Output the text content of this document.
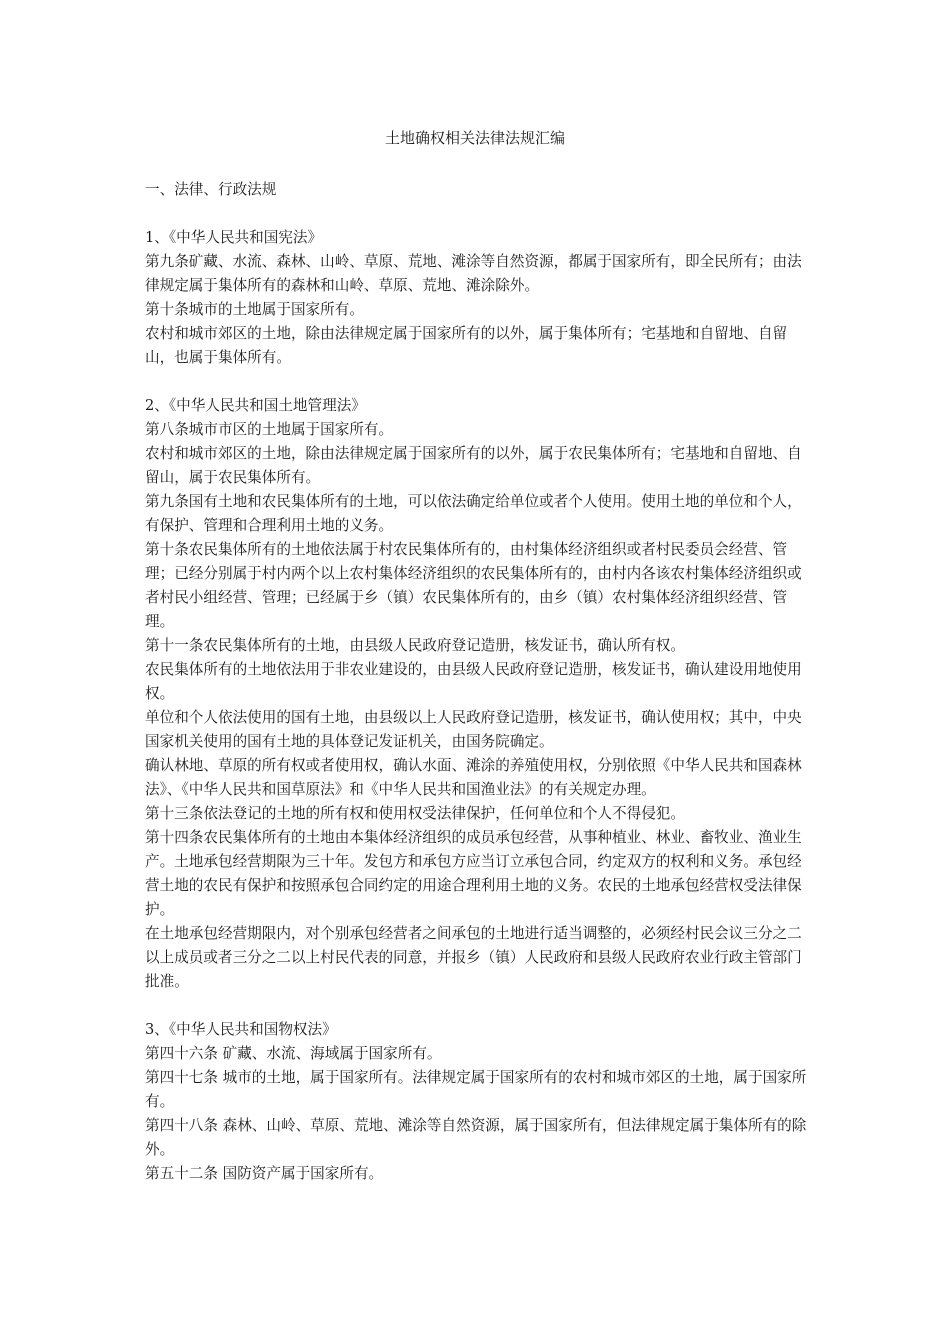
土地确权相关法律法规汇编

一、法律、行政法规

1、《中华人民共和国宪法》

第九条矿藏、水流、森林、山岭、草原、荒地、滩涂等自然资源，都属于国家所有，即全民所有；由法律规定属于集体所有的森林和山岭、草原、荒地、滩涂除外。

第十条城市的土地属于国家所有。

农村和城市郊区的土地，除由法律规定属于国家所有的以外，属于集体所有；宅基地和自留地、自留山，也属于集体所有。

2、《中华人民共和国土地管理法》

第八条城市市区的土地属于国家所有。

农村和城市郊区的土地，除由法律规定属于国家所有的以外，属于农民集体所有；宅基地和自留地、自留山，属于农民集体所有。

第九条国有土地和农民集体所有的土地，可以依法确定给单位或者个人使用。使用土地的单位和个人，有保护、管理和合理利用土地的义务。

第十条农民集体所有的土地依法属于村农民集体所有的，由村集体经济组织或者村民委员会经营、管理；已经分别属于村内两个以上农村集体经济组织的农民集体所有的，由村内各该农村集体经济组织或者村民小组经营、管理；已经属于乡（镇）农民集体所有的，由乡（镇）农村集体经济组织经营、管理。

第十一条农民集体所有的土地，由县级人民政府登记造册，核发证书，确认所有权。

农民集体所有的土地依法用于非农业建设的，由县级人民政府登记造册，核发证书，确认建设用地使用权。

单位和个人依法使用的国有土地，由县级以上人民政府登记造册，核发证书，确认使用权；其中，中央国家机关使用的国有土地的具体登记发证机关，由国务院确定。

确认林地、草原的所有权或者使用权，确认水面、滩涂的养殖使用权，分别依照《中华人民共和国森林法》、《中华人民共和国草原法》和《中华人民共和国渔业法》的有关规定办理。

第十三条依法登记的土地的所有权和使用权受法律保护，任何单位和个人不得侵犯。

第十四条农民集体所有的土地由本集体经济组织的成员承包经营，从事种植业、林业、畜牧业、渔业生产。土地承包经营期限为三十年。发包方和承包方应当订立承包合同，约定双方的权利和义务。承包经营土地的农民有保护和按照承包合同约定的用途合理利用土地的义务。农民的土地承包经营权受法律保护。

在土地承包经营期限内，对个别承包经营者之间承包的土地进行适当调整的，必须经村民会议三分之二以上成员或者三分之二以上村民代表的同意，并报乡（镇）人民政府和县级人民政府农业行政主管部门批准。

3、《中华人民共和国物权法》

第四十六条 矿藏、水流、海域属于国家所有。

第四十七条 城市的土地，属于国家所有。法律规定属于国家所有的农村和城市郊区的土地，属于国家所有。

第四十八条 森林、山岭、草原、荒地、滩涂等自然资源，属于国家所有，但法律规定属于集体所有的除外。

第五十二条 国防资产属于国家所有。
